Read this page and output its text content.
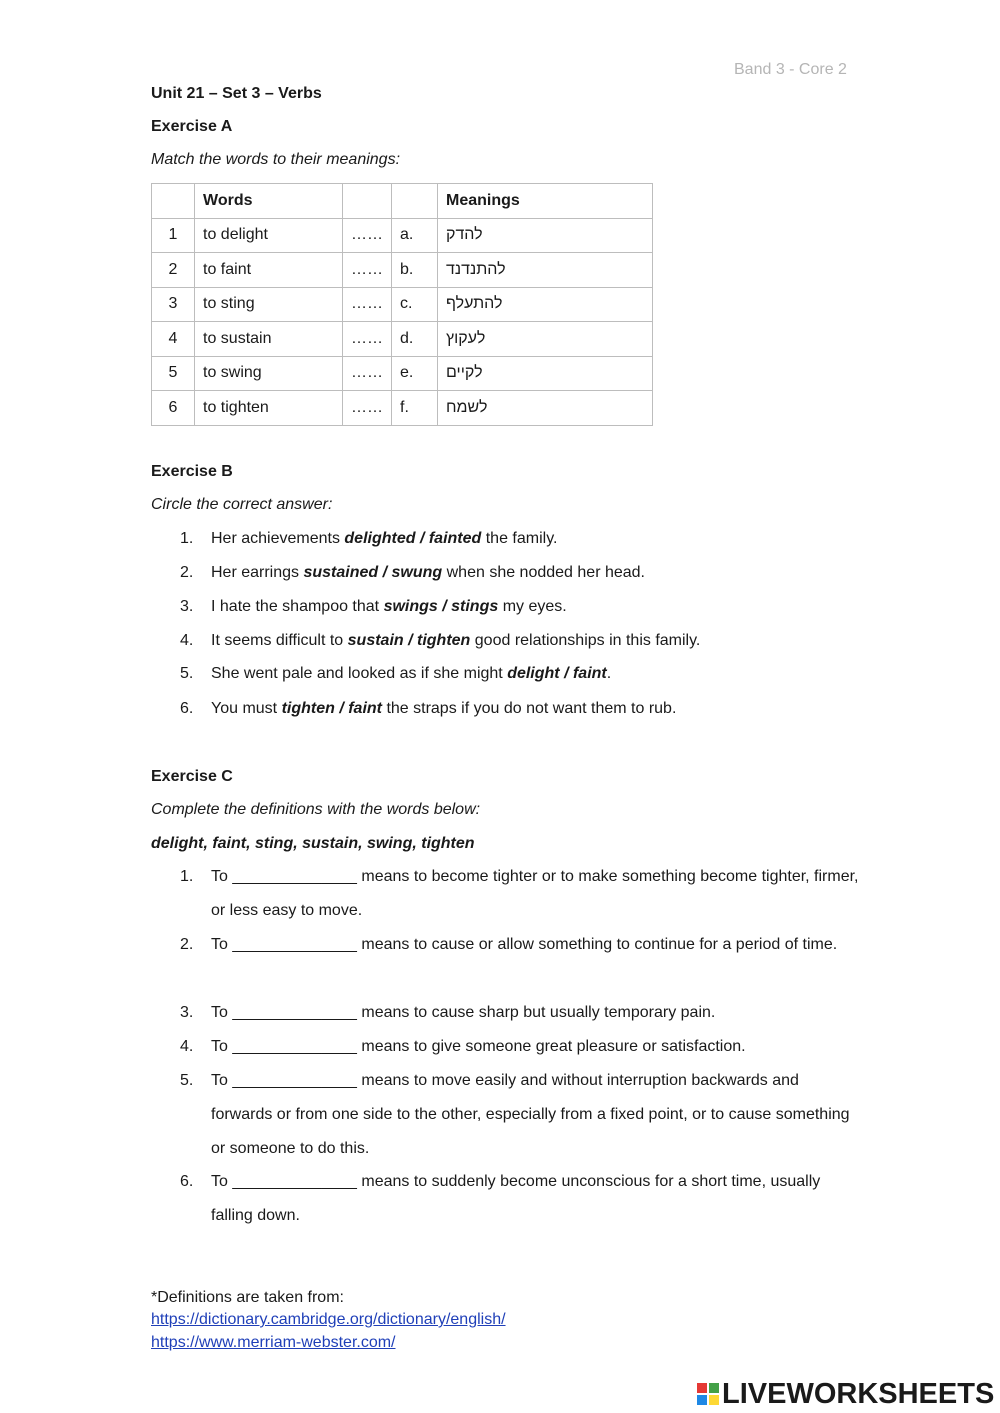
Band 3 - Core 2
Unit 21 – Set 3 – Verbs
Exercise A
Match the words to their meanings:
	Words			Meanings
1	to delight	……	a.	להדק
2	to faint	……	b.	להתנדנד
3	to sting	……	c.	להתעלף
4	to sustain	……	d.	לעקוץ
5	to swing	……	e.	לקיים
6	to tighten	……	f.	לשמח
Exercise B
Circle the correct answer:
1.	Her achievements delighted / fainted the family.
2.	Her earrings sustained / swung when she nodded her head.
3.	I hate the shampoo that swings / stings my eyes.
4.	It seems difficult to sustain / tighten good relationships in this family.
5.	She went pale and looked as if she might delight / faint.
6.	You must tighten / faint the straps if you do not want them to rub.
Exercise C
Complete the definitions with the words below:
delight, faint, sting, sustain, swing, tighten
1.	To ______________ means to become tighter or to make something become tighter, firmer, or less easy to move.
2.	To ______________ means to cause or allow something to continue for a period of time.
3.	To ______________ means to cause sharp but usually temporary pain.
4.	To ______________ means to give someone great pleasure or satisfaction.
5.	To ______________ means to move easily and without interruption backwards and forwards or from one side to the other, especially from a fixed point, or to cause something or someone to do this.
6.	To ______________ means to suddenly become unconscious for a short time, usually falling down.
*Definitions are taken from:
https://dictionary.cambridge.org/dictionary/english/
https://www.merriam-webster.com/
LIVEWORKSHEETS
